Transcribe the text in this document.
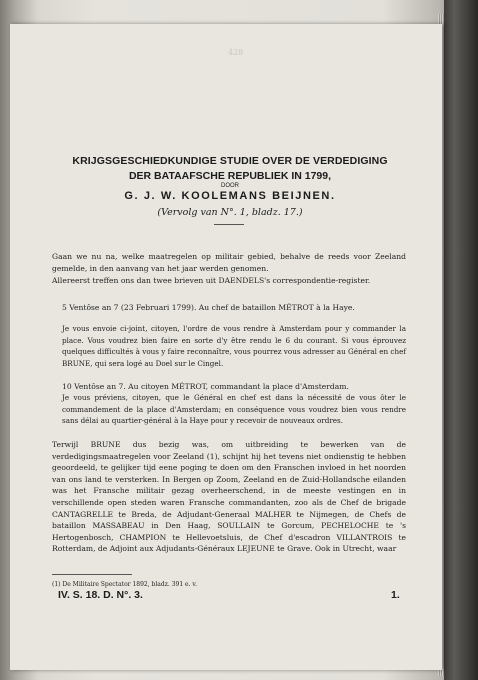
428
KRIJGSGESCHIEDKUNDIGE STUDIE OVER DE VERDEDIGING
DER BATAAFSCHE REPUBLIEK IN 1799,
DOOR
G. J. W. KOOLEMANS BEIJNEN.
(Vervolg van N°. 1, bladz. 17.)

Gaan we nu na, welke maatregelen op militair gebied, behalve de reeds voor Zeeland gemelde, in den aanvang van het jaar werden genomen.

Allereerst treffen ons dan twee brieven uit DAENDELS's correspondentie-register.

5 Ventôse an 7 (23 Februari 1799). Au chef de bataillon MÉTROT à la Haye.

Je vous envoie ci-joint, citoyen, l'ordre de vous rendre à Amsterdam pour y commander la place. Vous voudrez bien faire en sorte d'y être rendu le 6 du courant. Si vous éprouvez quelques difficultés à vous y faire reconnaître, vous pourrez vous adresser au Général en chef BRUNE, qui sera logé au Doel sur le Cingel.

10 Ventôse an 7. Au citoyen MÉTROT, commandant la place d'Amsterdam.

Je vous préviens, citoyen, que le Général en chef est dans la nécessité de vous ôter le commandement de la place d'Amsterdam; en conséquence vous voudrez bien vous rendre sans délai au quartier-général à la Haye pour y recevoir de nouveaux ordres.

Terwijl BRUNE dus bezig was, om uitbreiding te bewerken van de verdedigingsmaatregelen voor Zeeland (1), schijnt hij het tevens niet ondienstig te hebben geoordeeld, te gelijker tijd eene poging te doen om den Franschen invloed in het noorden van ons land te versterken. In Bergen op Zoom, Zeeland en de Zuid-Hollandsche eilanden was het Fransche militair gezag overheerschend, in de meeste vestingen en in verschillende open steden waren Fransche commandanten, zoo als de Chef de brigade CANTAGRELLE te Breda, de Adjudant-Generaal MALHER te Nijmegen, de Chefs de bataillon MASSABEAU in Den Haag, SOULLAIN te Gorcum, PECHELOCHE te 's Hertogenbosch, CHAMPION te Hellevoetsluis, de Chef d'escadron VILLANTROIS te Rotterdam, de Adjoint aux Adjudants-Généraux LEJEUNE te Grave. Ook in Utrecht, waar

(1) De Militaire Spectator 1892, bladz. 391 e. v.

IV. S. 18. D. N°. 3.	1.
